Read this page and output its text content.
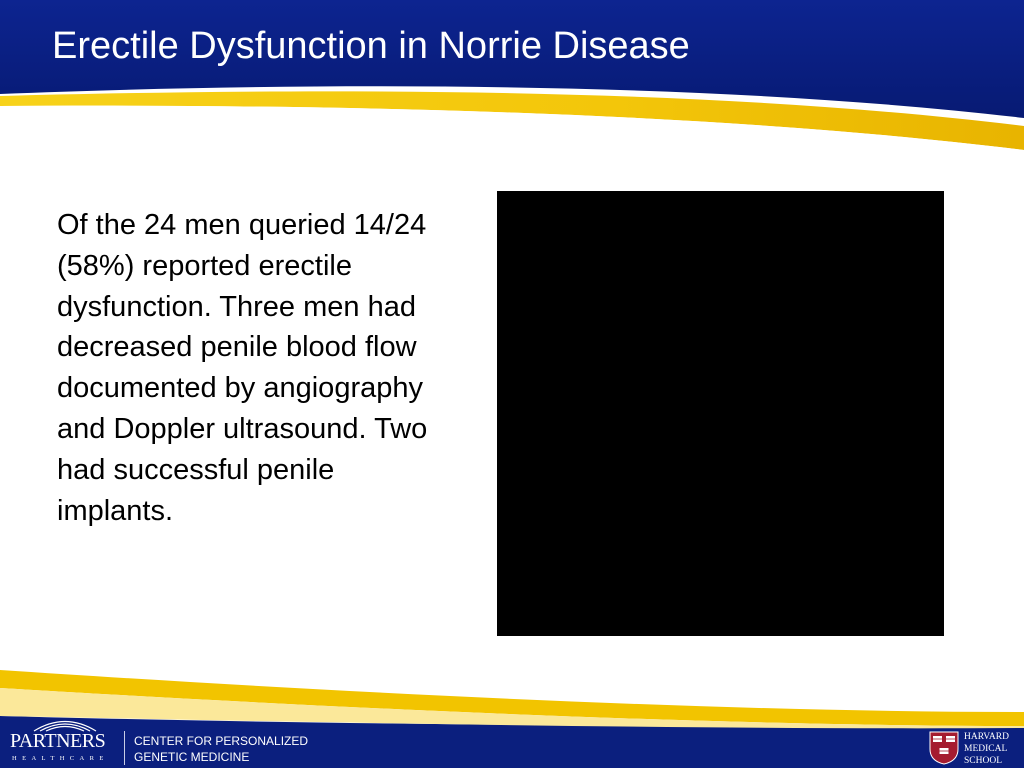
Erectile Dysfunction in Norrie Disease

Of the 24 men queried 14/24 (58%) reported erectile dysfunction. Three men had decreased penile blood flow documented by angiography and Doppler ultrasound. Two had successful penile implants.

PARTNERS

HEALTHCARE

CENTER FOR PERSONALIZED

GENETIC MEDICINE

HARVARD
MEDICAL
SCHOOL
